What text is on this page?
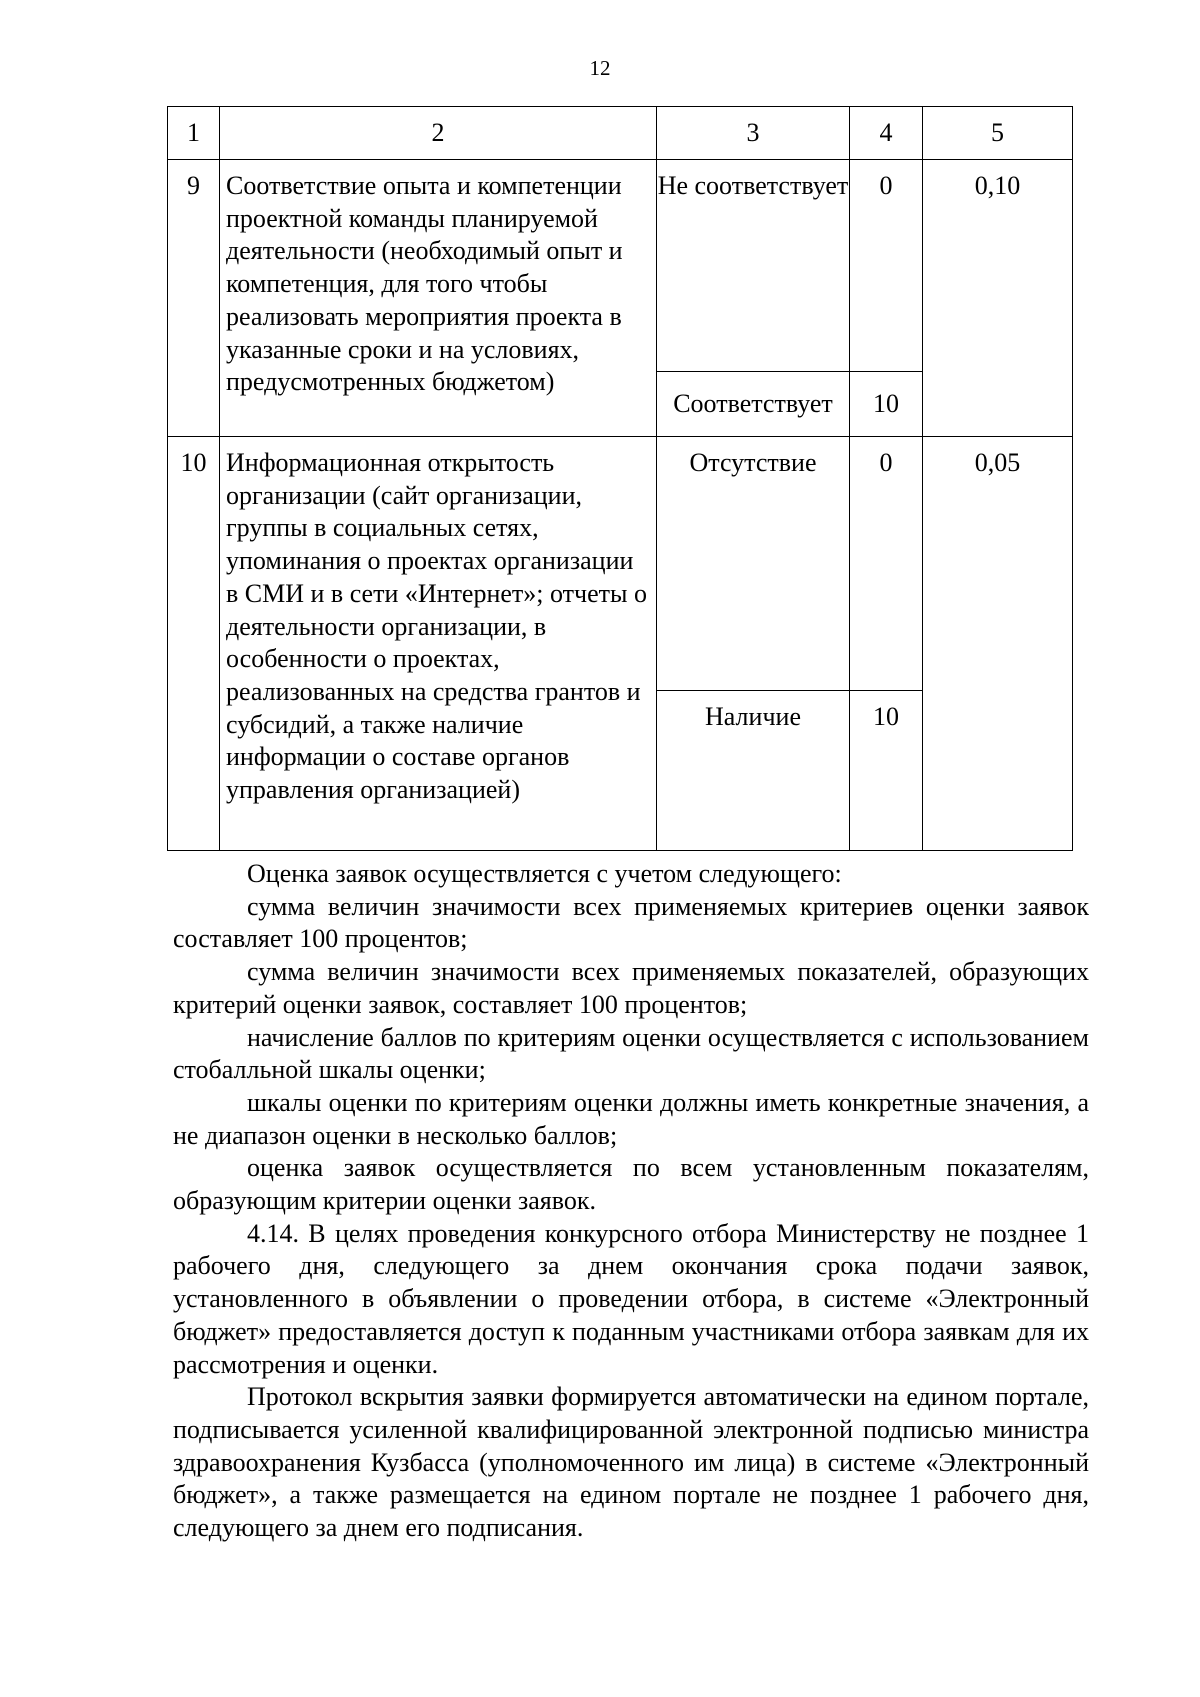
12
1	2	3	4	5
9	Соответствие опыта и компетенции проектной команды планируемой деятельности (необходимый опыт и компетенция, для того чтобы реализовать мероприятия проекта в указанные сроки и на условиях, предусмотренных бюджетом)	Не соответствует	0	0,10
		Соответствует	10	
10	Информационная открытость организации (сайт организации, группы в социальных сетях, упоминания о проектах организации в СМИ и в сети «Интернет»; отчеты о деятельности организации, в особенности о проектах, реализованных на средства грантов и субсидий, а также наличие информации о составе органов управления организацией)	Отсутствие	0	0,05
		Наличие	10	

Оценка заявок осуществляется с учетом следующего:

сумма величин значимости всех применяемых критериев оценки заявок составляет 100 процентов;

сумма величин значимости всех применяемых показателей, образующих критерий оценки заявок, составляет 100 процентов;

начисление баллов по критериям оценки осуществляется с использованием стобалльной шкалы оценки;

шкалы оценки по критериям оценки должны иметь конкретные значения, а не диапазон оценки в несколько баллов;

оценка заявок осуществляется по всем установленным показателям, образующим критерии оценки заявок.

4.14. В целях проведения конкурсного отбора Министерству не позднее 1 рабочего дня, следующего за днем окончания срока подачи заявок, установленного в объявлении о проведении отбора, в системе «Электронный бюджет» предоставляется доступ к поданным участниками отбора заявкам для их рассмотрения и оценки.

Протокол вскрытия заявки формируется автоматически на едином портале, подписывается усиленной квалифицированной электронной подписью министра здравоохранения Кузбасса (уполномоченного им лица) в системе «Электронный бюджет», а также размещается на едином портале не позднее 1 рабочего дня, следующего за днем его подписания.
